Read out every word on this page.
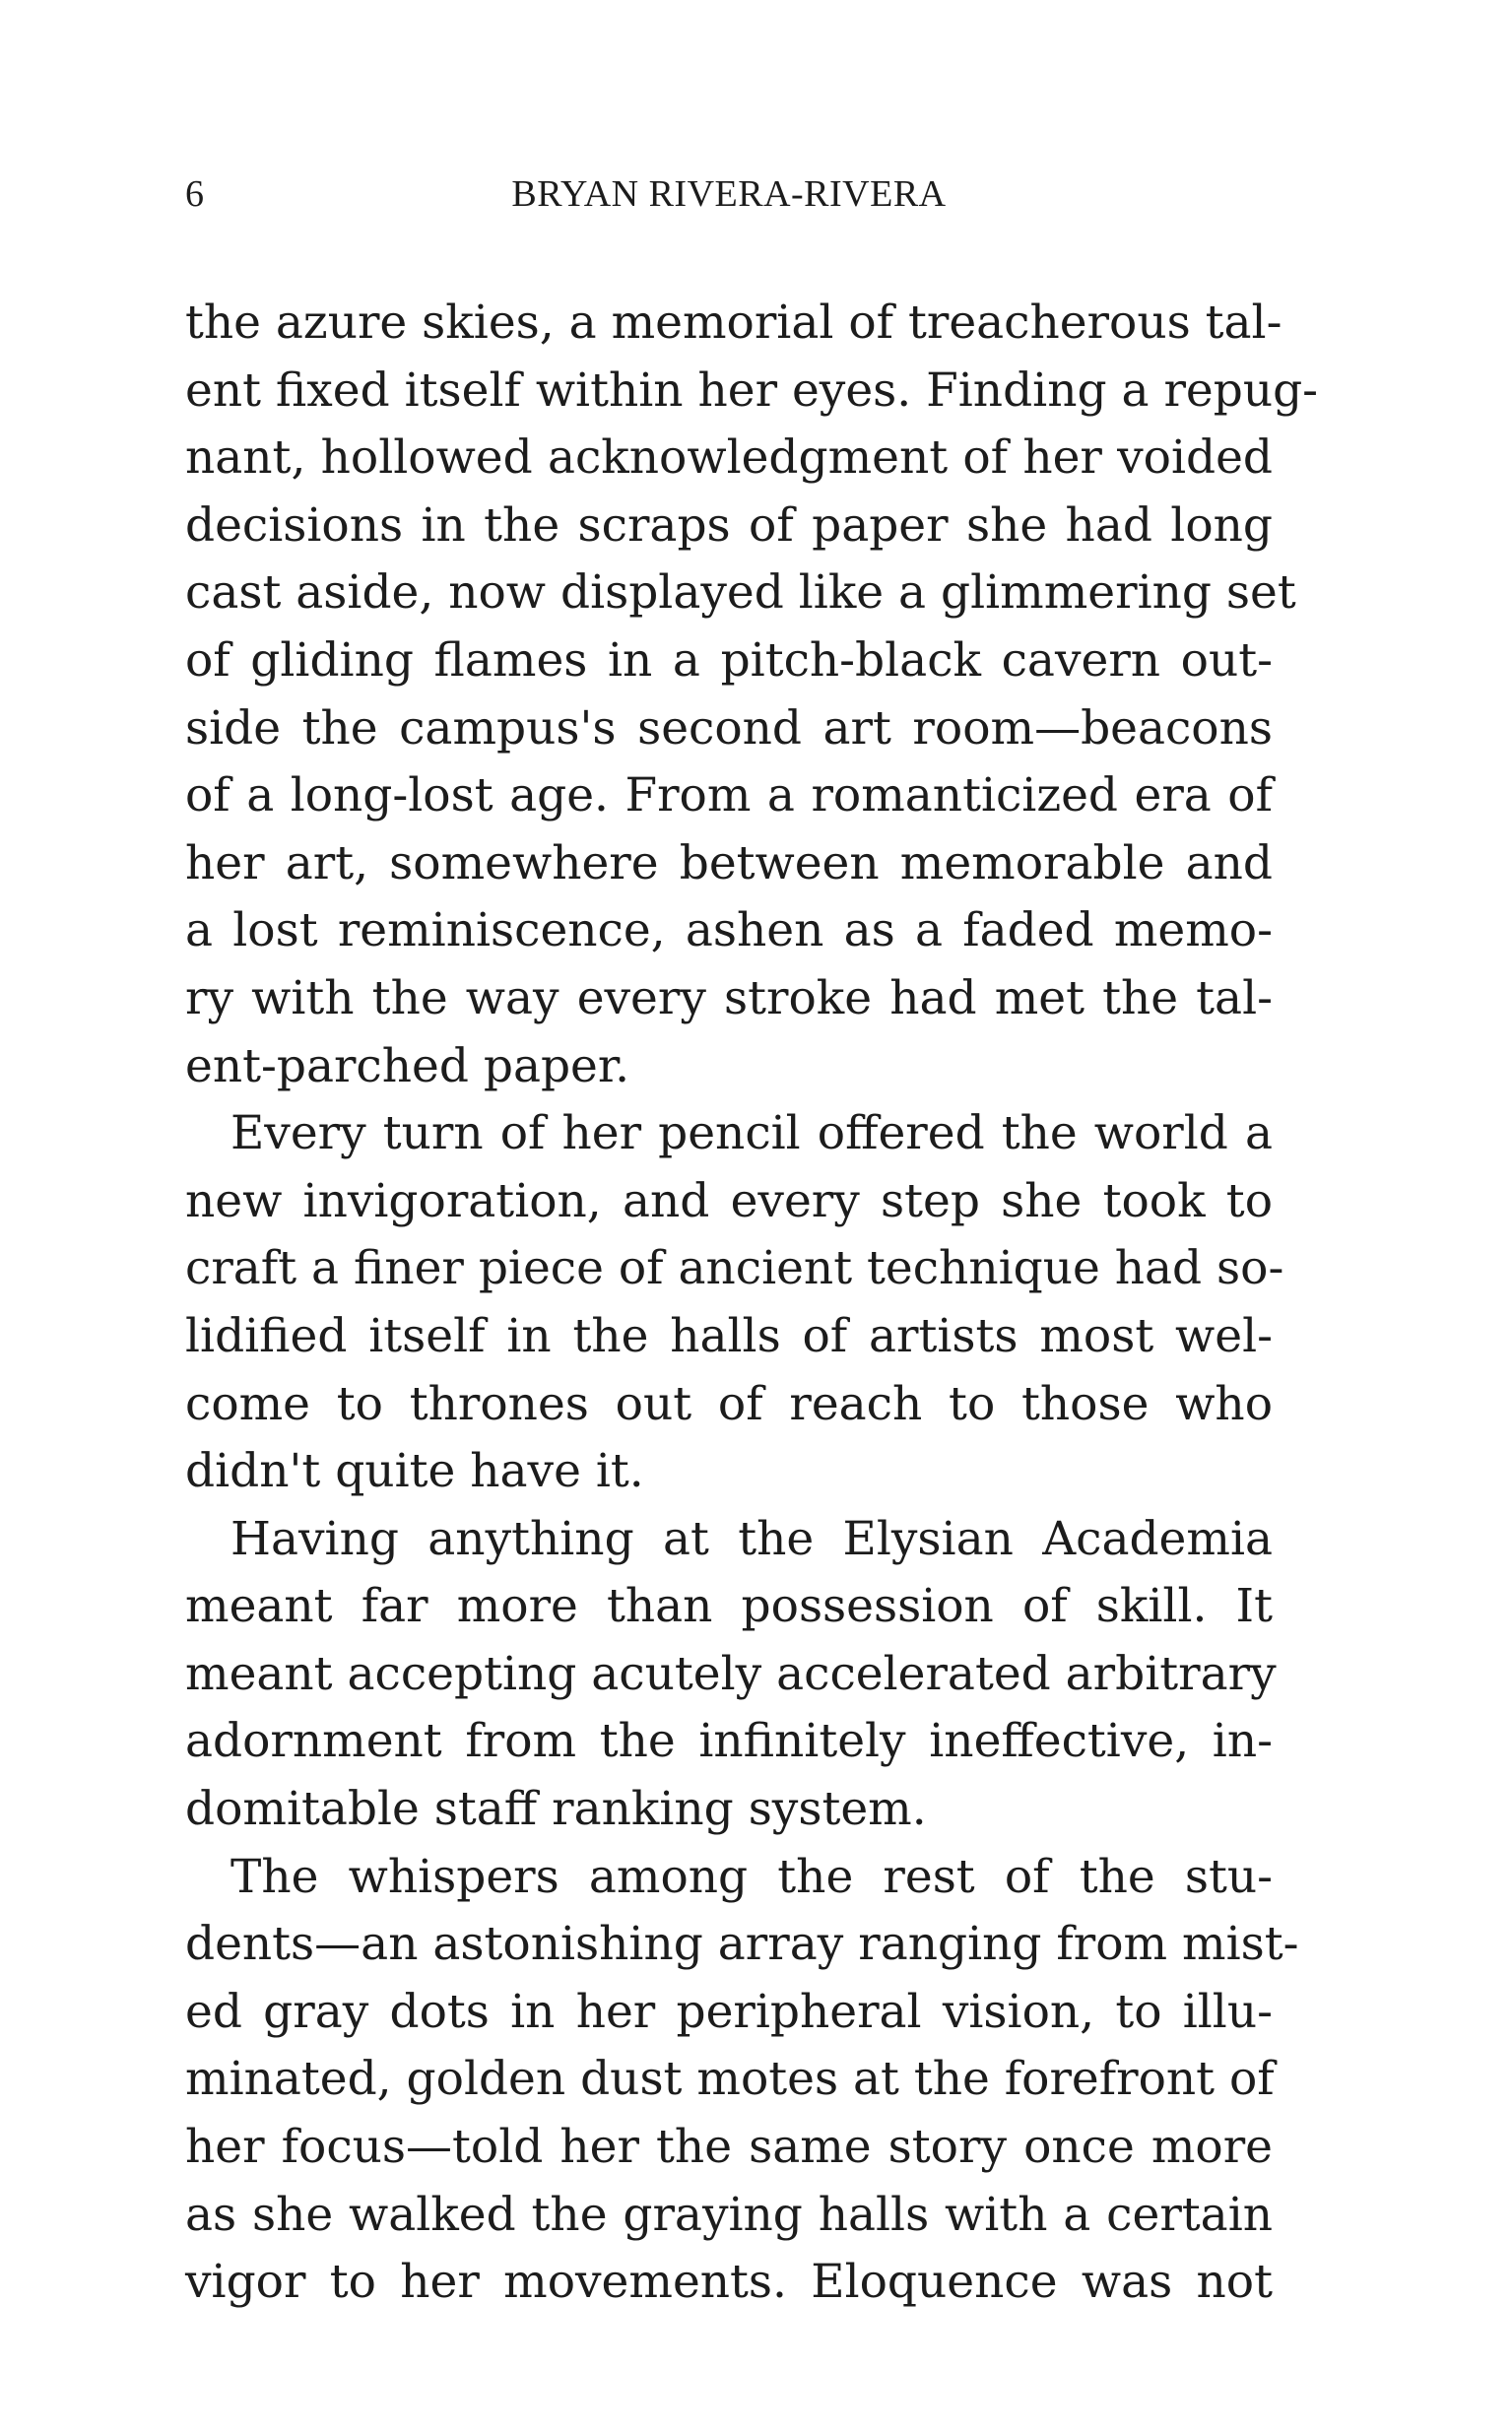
6	BRYAN RIVERA-RIVERA
the azure skies, a memorial of treacherous tal-
ent fixed itself within her eyes. Finding a repug-
nant, hollowed acknowledgment of her voided
decisions in the scraps of paper she had long
cast aside, now displayed like a glimmering set
of gliding flames in a pitch-black cavern out-
side the campus's second art room—beacons
of a long-lost age. From a romanticized era of
her art, somewhere between memorable and
a lost reminiscence, ashen as a faded memo-
ry with the way every stroke had met the tal-
ent-parched paper.
Every turn of her pencil offered the world a
new invigoration, and every step she took to
craft a finer piece of ancient technique had so-
lidified itself in the halls of artists most wel-
come to thrones out of reach to those who
didn't quite have it.
Having anything at the Elysian Academia
meant far more than possession of skill. It
meant accepting acutely accelerated arbitrary
adornment from the infinitely ineffective, in-
domitable staff ranking system.
The whispers among the rest of the stu-
dents—an astonishing array ranging from mist-
ed gray dots in her peripheral vision, to illu-
minated, golden dust motes at the forefront of
her focus—told her the same story once more
as she walked the graying halls with a certain
vigor to her movements. Eloquence was not
